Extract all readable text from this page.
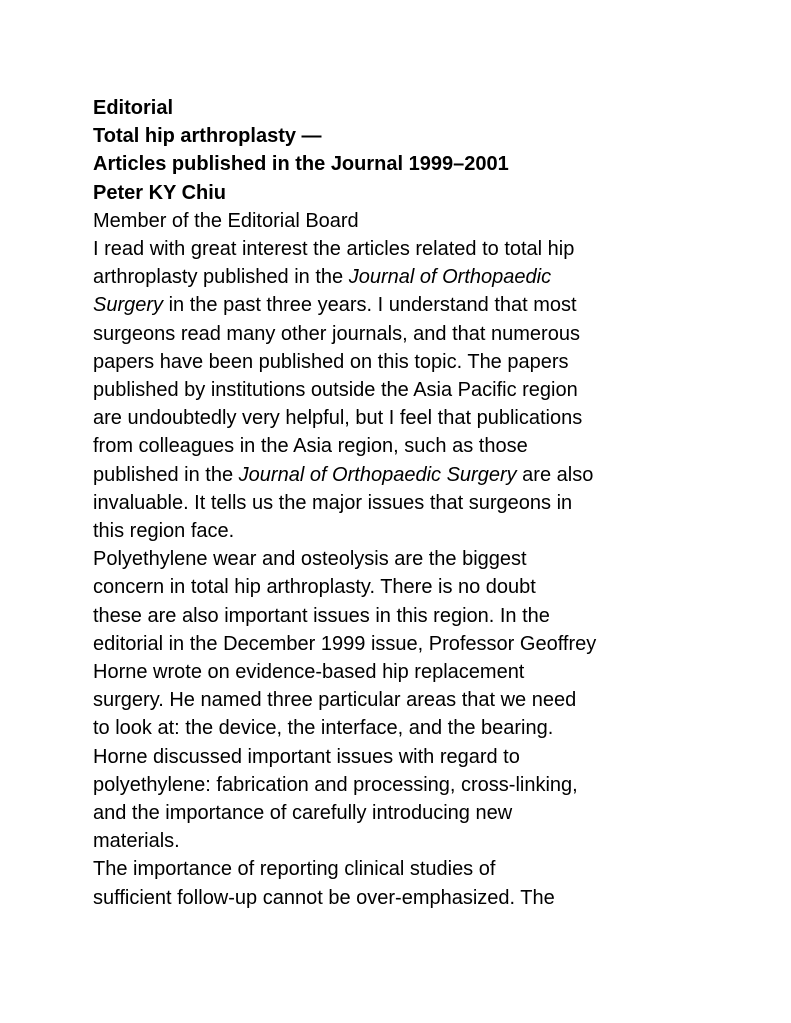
Editorial
Total hip arthroplasty —
Articles published in the Journal 1999–2001
Peter KY Chiu
Member of the Editorial Board
I read with great interest the articles related to total hip
arthroplasty published in the Journal of Orthopaedic
Surgery in the past three years. I understand that most
surgeons read many other journals, and that numerous
papers have been published on this topic. The papers
published by institutions outside the Asia Pacific region
are undoubtedly very helpful, but I feel that publications
from colleagues in the Asia region, such as those
published in the Journal of Orthopaedic Surgery are also
invaluable. It tells us the major issues that surgeons in
this region face.
Polyethylene wear and osteolysis are the biggest
concern in total hip arthroplasty. There is no doubt
these are also important issues in this region. In the
editorial in the December 1999 issue, Professor Geoffrey
Horne wrote on evidence-based hip replacement
surgery. He named three particular areas that we need
to look at: the device, the interface, and the bearing.
Horne discussed important issues with regard to
polyethylene: fabrication and processing, cross-linking,
and the importance of carefully introducing new
materials.
The importance of reporting clinical studies of
sufficient follow-up cannot be over-emphasized. The
